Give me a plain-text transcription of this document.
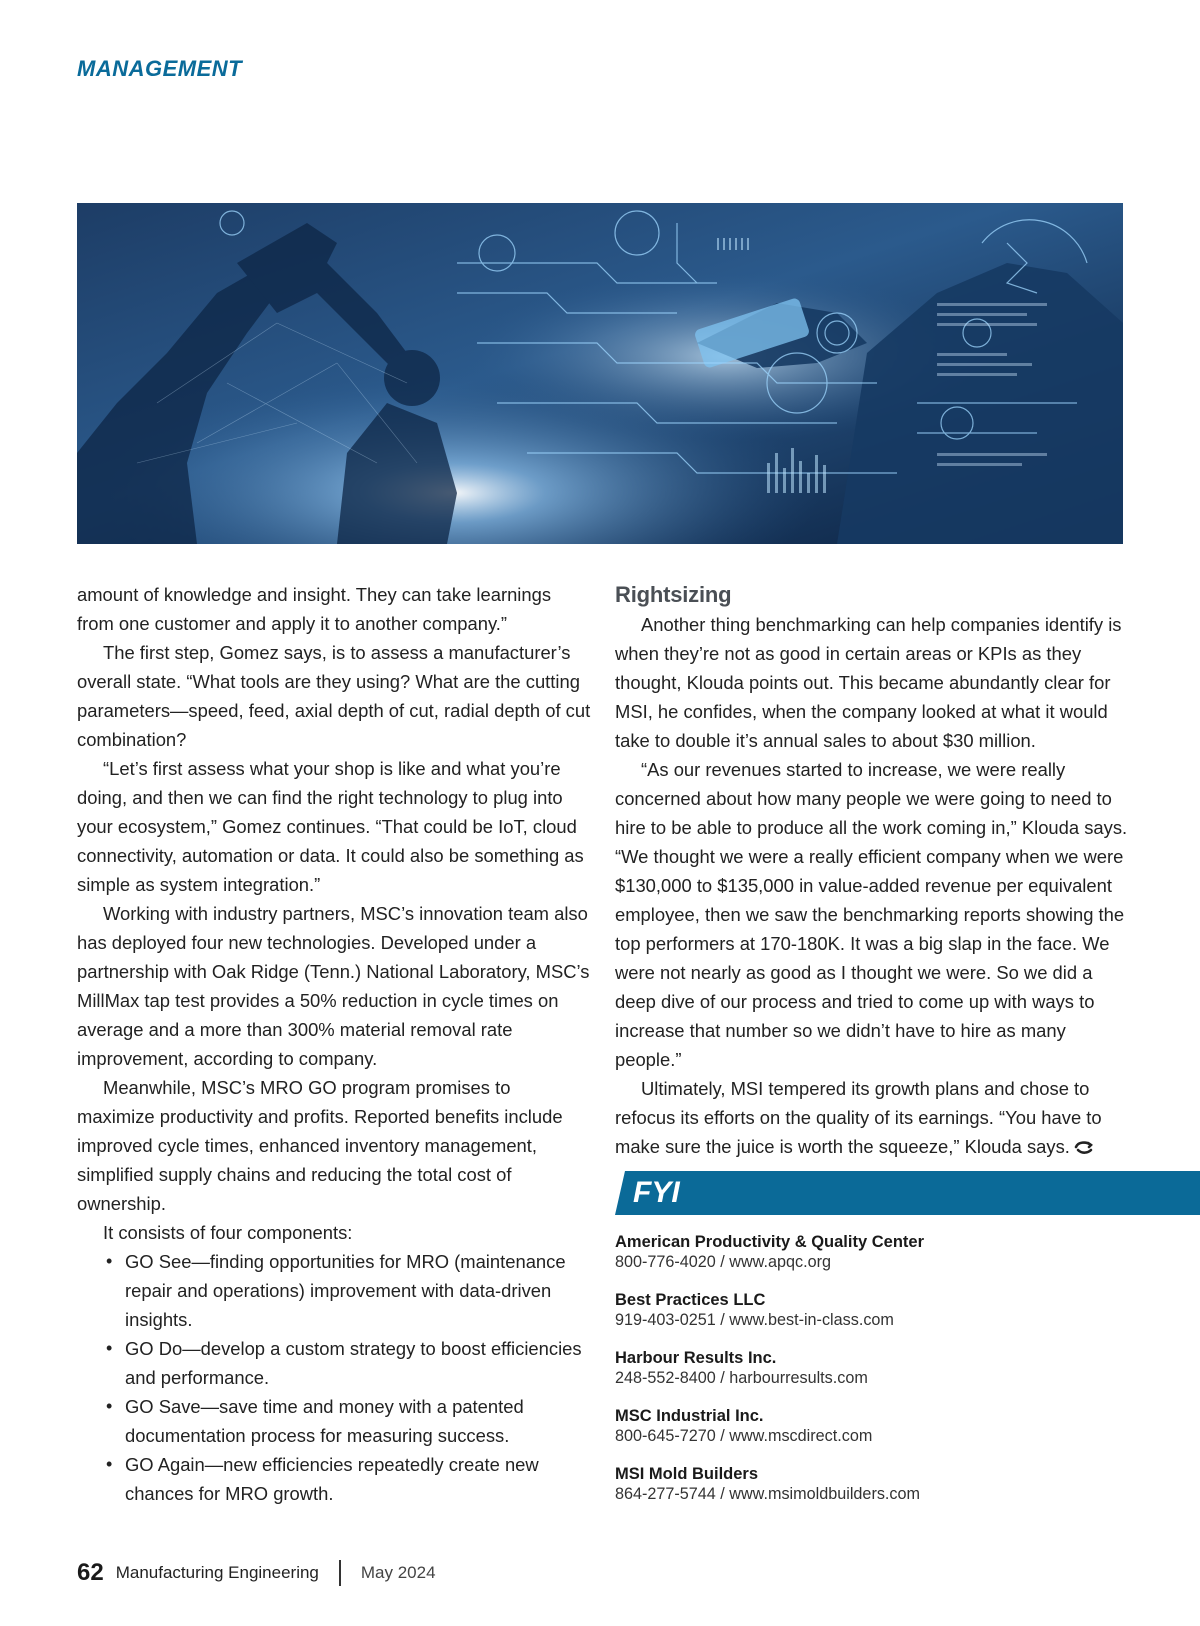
MANAGEMENT

amount of knowledge and insight. They can take learnings from one customer and apply it to another company.”

The first step, Gomez says, is to assess a manufacturer’s overall state. “What tools are they using? What are the cutting parameters—speed, feed, axial depth of cut, radial depth of cut combination?

“Let’s first assess what your shop is like and what you’re doing, and then we can find the right technology to plug into your ecosystem,” Gomez continues. “That could be IoT, cloud connectivity, automation or data. It could also be something as simple as system integration.”

Working with industry partners, MSC’s innovation team also has deployed four new technologies. Developed under a partnership with Oak Ridge (Tenn.) National Laboratory, MSC’s MillMax tap test provides a 50% reduction in cycle times on average and a more than 300% material removal rate improvement, according to company.

Meanwhile, MSC’s MRO GO program promises to maximize productivity and profits. Reported benefits include improved cycle times, enhanced inventory management, simplified supply chains and reducing the total cost of ownership.

It consists of four components:

• GO See—finding opportunities for MRO (maintenance repair and operations) improvement with data-driven insights.
• GO Do—develop a custom strategy to boost efficiencies and performance.
• GO Save—save time and money with a patented documentation process for measuring success.
• GO Again—new efficiencies repeatedly create new chances for MRO growth.
Rightsizing

Another thing benchmarking can help companies identify is when they’re not as good in certain areas or KPIs as they thought, Klouda points out. This became abundantly clear for MSI, he confides, when the company looked at what it would take to double it’s annual sales to about $30 million.

“As our revenues started to increase, we were really concerned about how many people we were going to need to hire to be able to produce all the work coming in,” Klouda says. “We thought we were a really efficient company when we were $130,000 to $135,000 in value-added revenue per equivalent employee, then we saw the benchmarking reports showing the top performers at 170-180K. It was a big slap in the face. We were not nearly as good as I thought we were. So we did a deep dive of our process and tried to come up with ways to increase that number so we didn’t have to hire as many people.”

Ultimately, MSI tempered its growth plans and chose to refocus its efforts on the quality of its earnings. “You have to make sure the juice is worth the squeeze,” Klouda says.

FYI
American Productivity & Quality Center
800-776-4020 / www.apqc.org
Best Practices LLC
919-403-0251 / www.best-in-class.com
Harbour Results Inc.
248-552-8400 / harbourresults.com
MSC Industrial Inc.
800-645-7270 / www.mscdirect.com
MSI Mold Builders
864-277-5744 / www.msimoldbuilders.com
62 Manufacturing Engineering May 2024
